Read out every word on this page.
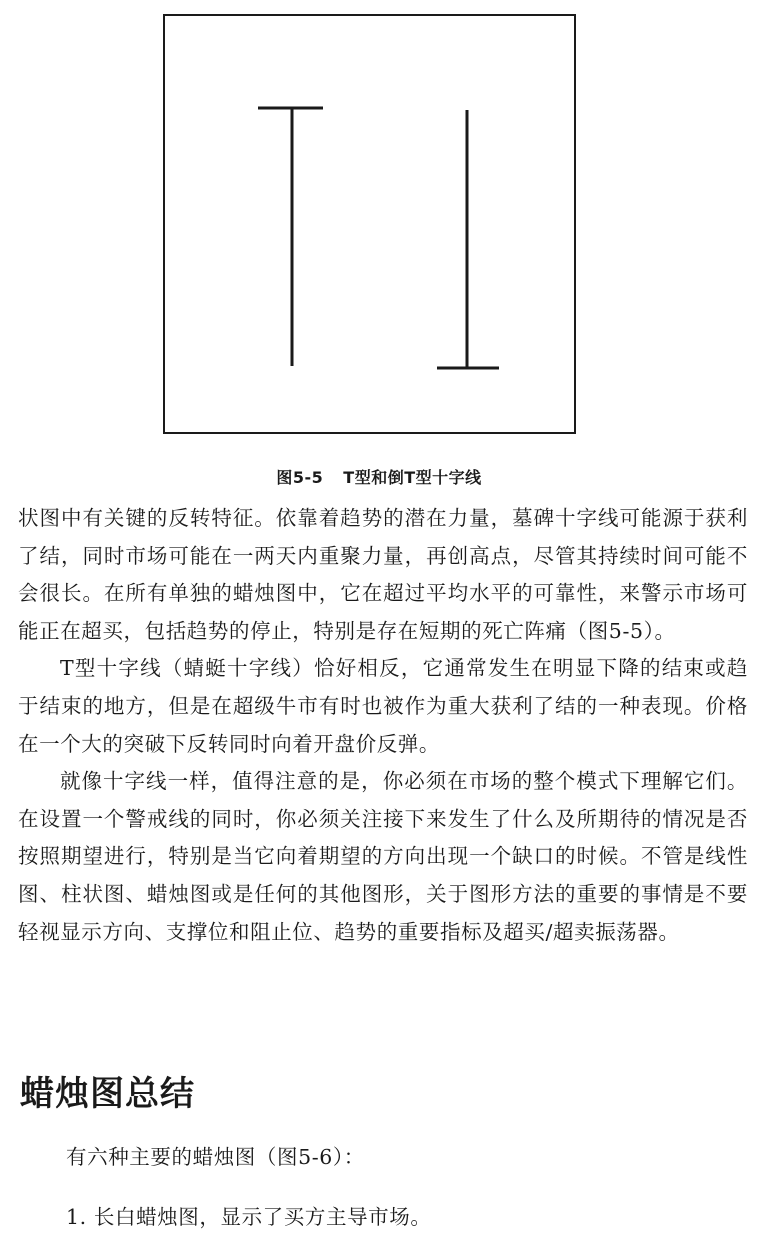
图5-5 T型和倒T型十字线

状图中有关键的反转特征。依靠着趋势的潜在力量，墓碑十字线可能源于获利了结，同时市场可能在一两天内重聚力量，再创高点，尽管其持续时间可能不会很长。在所有单独的蜡烛图中，它在超过平均水平的可靠性，来警示市场可能正在超买，包括趋势的停止，特别是存在短期的死亡阵痛（图5-5）。

T型十字线（蜻蜓十字线）恰好相反，它通常发生在明显下降的结束或趋于结束的地方，但是在超级牛市有时也被作为重大获利了结的一种表现。价格在一个大的突破下反转同时向着开盘价反弹。

就像十字线一样，值得注意的是，你必须在市场的整个模式下理解它们。在设置一个警戒线的同时，你必须关注接下来发生了什么及所期待的情况是否按照期望进行，特别是当它向着期望的方向出现一个缺口的时候。不管是线性图、柱状图、蜡烛图或是任何的其他图形，关于图形方法的重要的事情是不要轻视显示方向、支撑位和阻止位、趋势的重要指标及超买/超卖振荡器。

蜡烛图总结
有六种主要的蜡烛图（图5-6）：
1. 长白蜡烛图，显示了买方主导市场。
